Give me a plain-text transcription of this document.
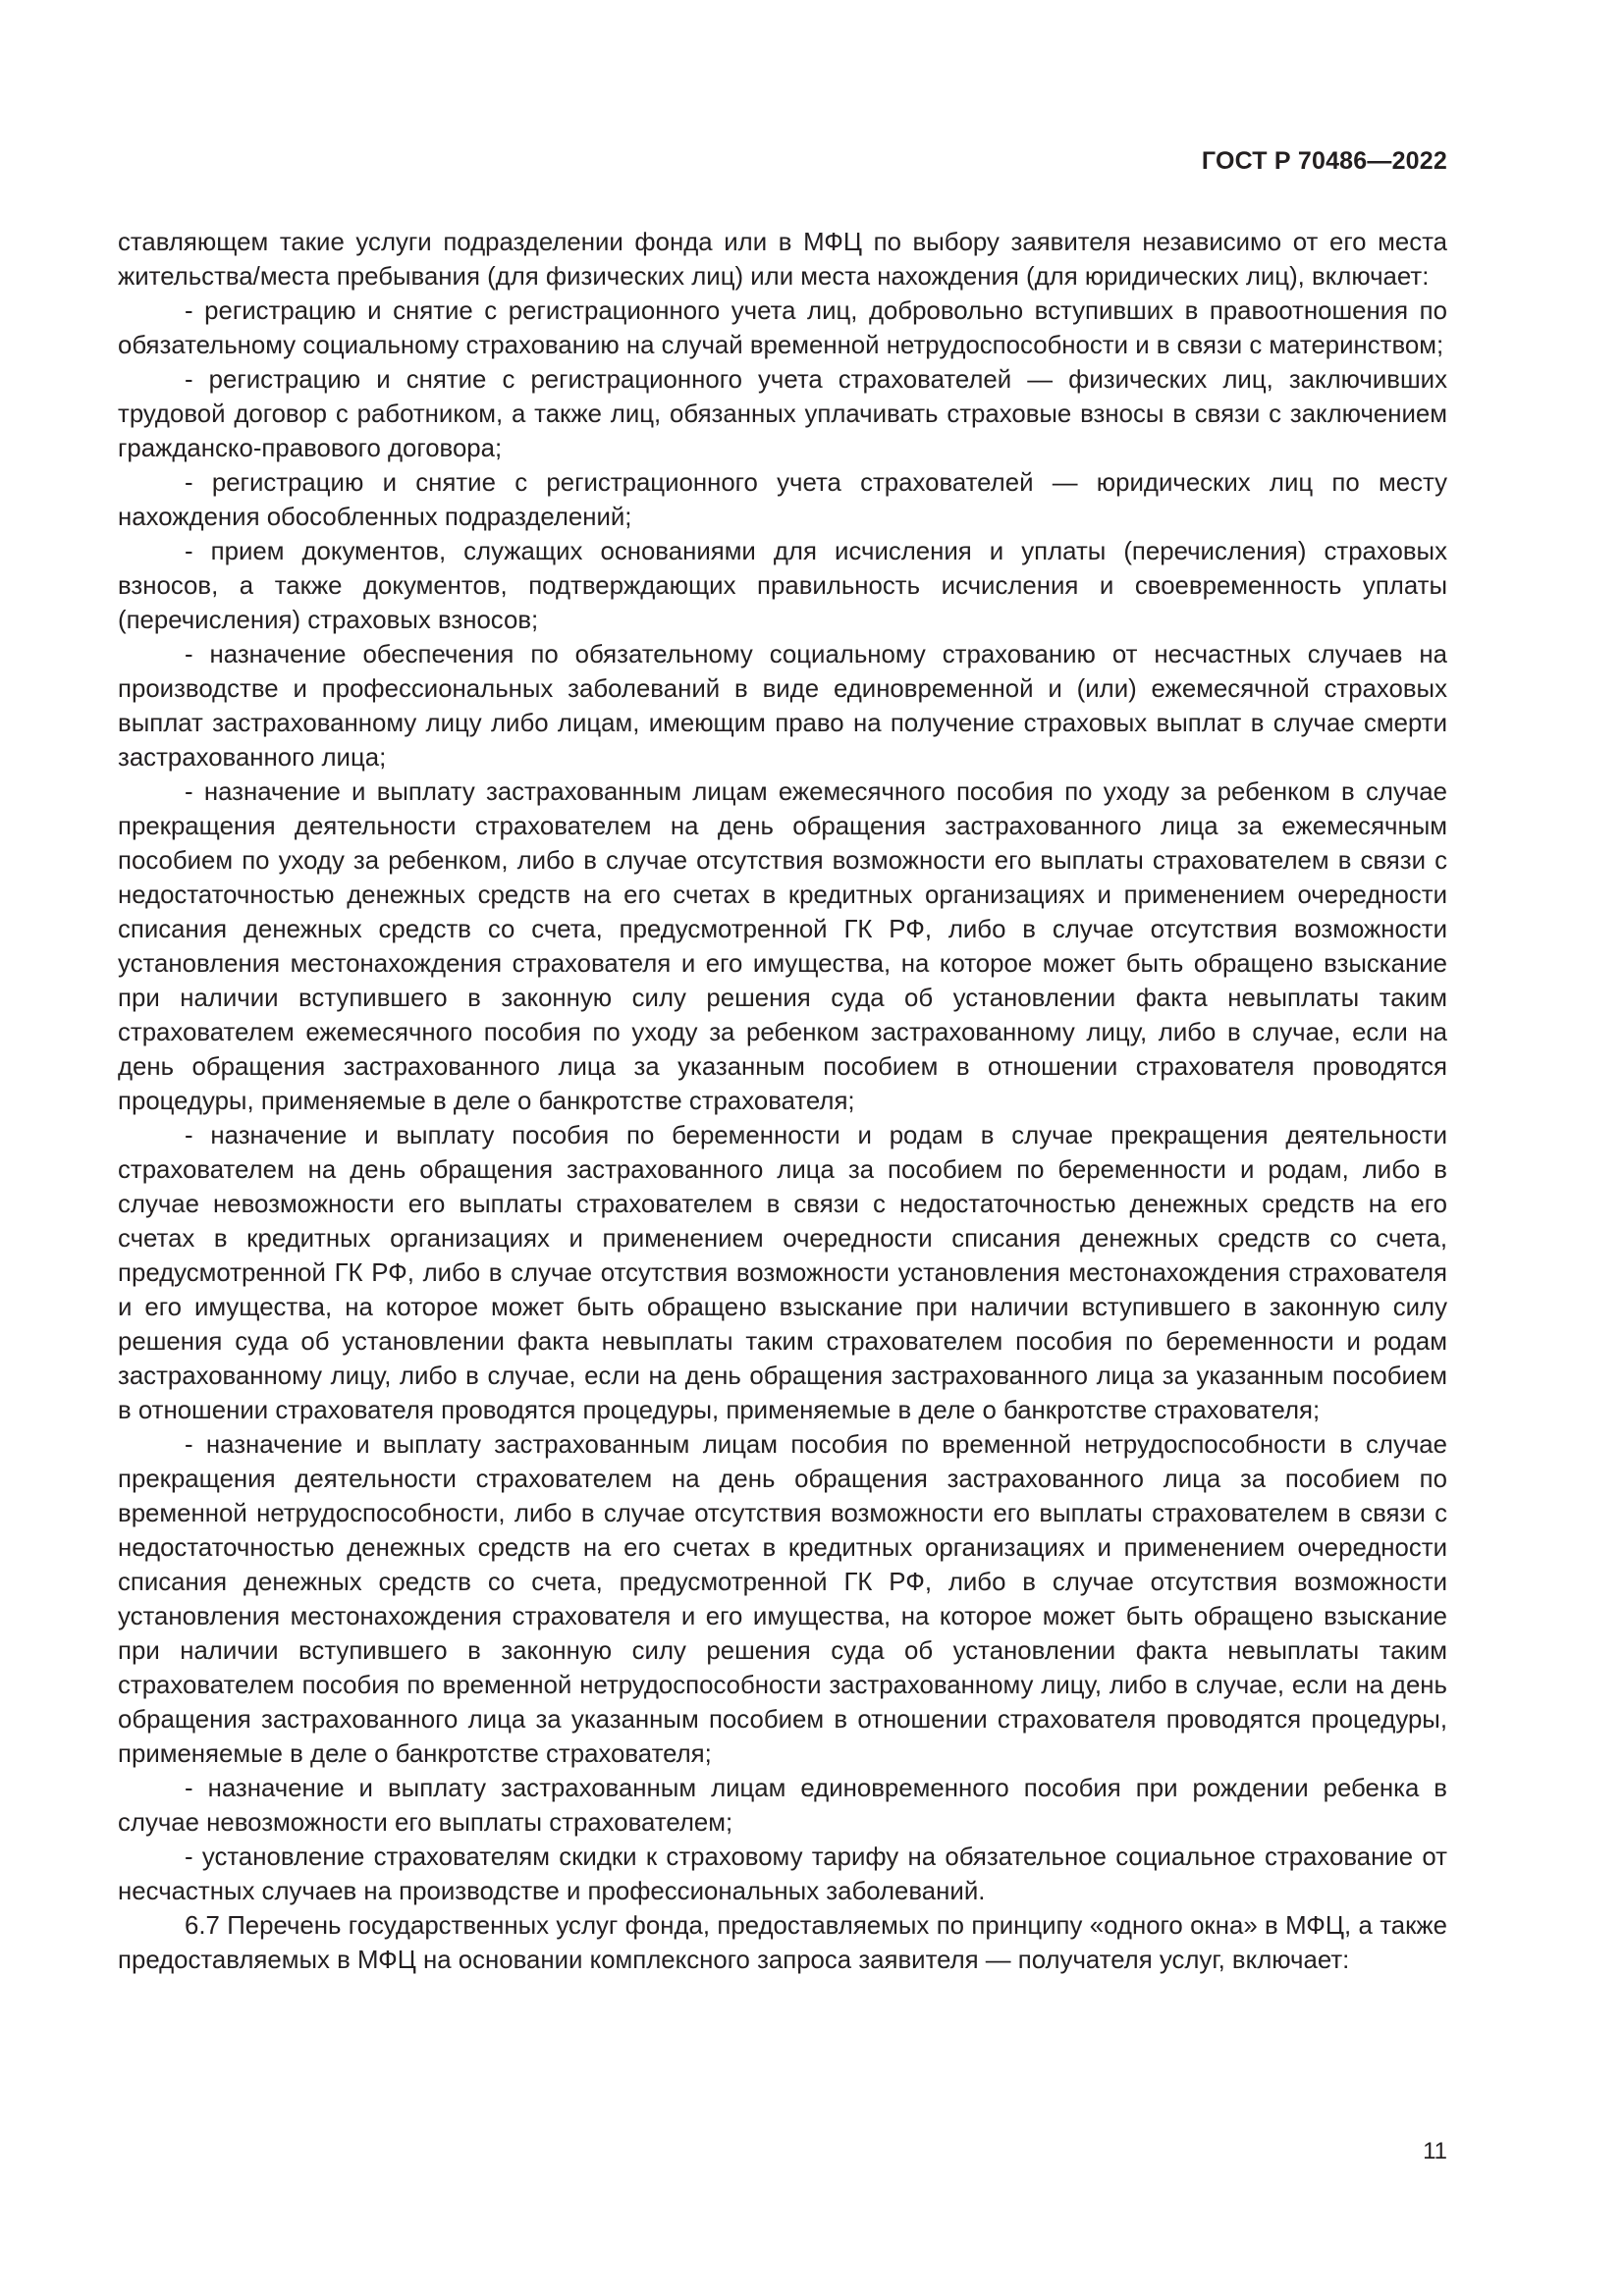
ГОСТ Р 70486—2022

ставляющем такие услуги подразделении фонда или в МФЦ по выбору заявителя независимо от его места жительства/места пребывания (для физических лиц) или места нахождения (для юридических лиц), включает:

- регистрацию и снятие с регистрационного учета лиц, добровольно вступивших в правоотношения по обязательному социальному страхованию на случай временной нетрудоспособности и в связи с материнством;

- регистрацию и снятие с регистрационного учета страхователей — физических лиц, заключивших трудовой договор с работником, а также лиц, обязанных уплачивать страховые взносы в связи с заключением гражданско-правового договора;

- регистрацию и снятие с регистрационного учета страхователей — юридических лиц по месту нахождения обособленных подразделений;

- прием документов, служащих основаниями для исчисления и уплаты (перечисления) страховых взносов, а также документов, подтверждающих правильность исчисления и своевременность уплаты (перечисления) страховых взносов;

- назначение обеспечения по обязательному социальному страхованию от несчастных случаев на производстве и профессиональных заболеваний в виде единовременной и (или) ежемесячной страховых выплат застрахованному лицу либо лицам, имеющим право на получение страховых выплат в случае смерти застрахованного лица;

- назначение и выплату застрахованным лицам ежемесячного пособия по уходу за ребенком в случае прекращения деятельности страхователем на день обращения застрахованного лица за ежемесячным пособием по уходу за ребенком, либо в случае отсутствия возможности его выплаты страхователем в связи с недостаточностью денежных средств на его счетах в кредитных организациях и применением очередности списания денежных средств со счета, предусмотренной ГК РФ, либо в случае отсутствия возможности установления местонахождения страхователя и его имущества, на которое может быть обращено взыскание при наличии вступившего в законную силу решения суда об установлении факта невыплаты таким страхователем ежемесячного пособия по уходу за ребенком застрахованному лицу, либо в случае, если на день обращения застрахованного лица за указанным пособием в отношении страхователя проводятся процедуры, применяемые в деле о банкротстве страхователя;

- назначение и выплату пособия по беременности и родам в случае прекращения деятельности страхователем на день обращения застрахованного лица за пособием по беременности и родам, либо в случае невозможности его выплаты страхователем в связи с недостаточностью денежных средств на его счетах в кредитных организациях и применением очередности списания денежных средств со счета, предусмотренной ГК РФ, либо в случае отсутствия возможности установления местонахождения страхователя и его имущества, на которое может быть обращено взыскание при наличии вступившего в законную силу решения суда об установлении факта невыплаты таким страхователем пособия по беременности и родам застрахованному лицу, либо в случае, если на день обращения застрахованного лица за указанным пособием в отношении страхователя проводятся процедуры, применяемые в деле о банкротстве страхователя;

- назначение и выплату застрахованным лицам пособия по временной нетрудоспособности в случае прекращения деятельности страхователем на день обращения застрахованного лица за пособием по временной нетрудоспособности, либо в случае отсутствия возможности его выплаты страхователем в связи с недостаточностью денежных средств на его счетах в кредитных организациях и применением очередности списания денежных средств со счета, предусмотренной ГК РФ, либо в случае отсутствия возможности установления местонахождения страхователя и его имущества, на которое может быть обращено взыскание при наличии вступившего в законную силу решения суда об установлении факта невыплаты таким страхователем пособия по временной нетрудоспособности застрахованному лицу, либо в случае, если на день обращения застрахованного лица за указанным пособием в отношении страхователя проводятся процедуры, применяемые в деле о банкротстве страхователя;

- назначение и выплату застрахованным лицам единовременного пособия при рождении ребенка в случае невозможности его выплаты страхователем;

- установление страхователям скидки к страховому тарифу на обязательное социальное страхование от несчастных случаев на производстве и профессиональных заболеваний.

6.7 Перечень государственных услуг фонда, предоставляемых по принципу «одного окна» в МФЦ, а также предоставляемых в МФЦ на основании комплексного запроса заявителя — получателя услуг, включает:

11
